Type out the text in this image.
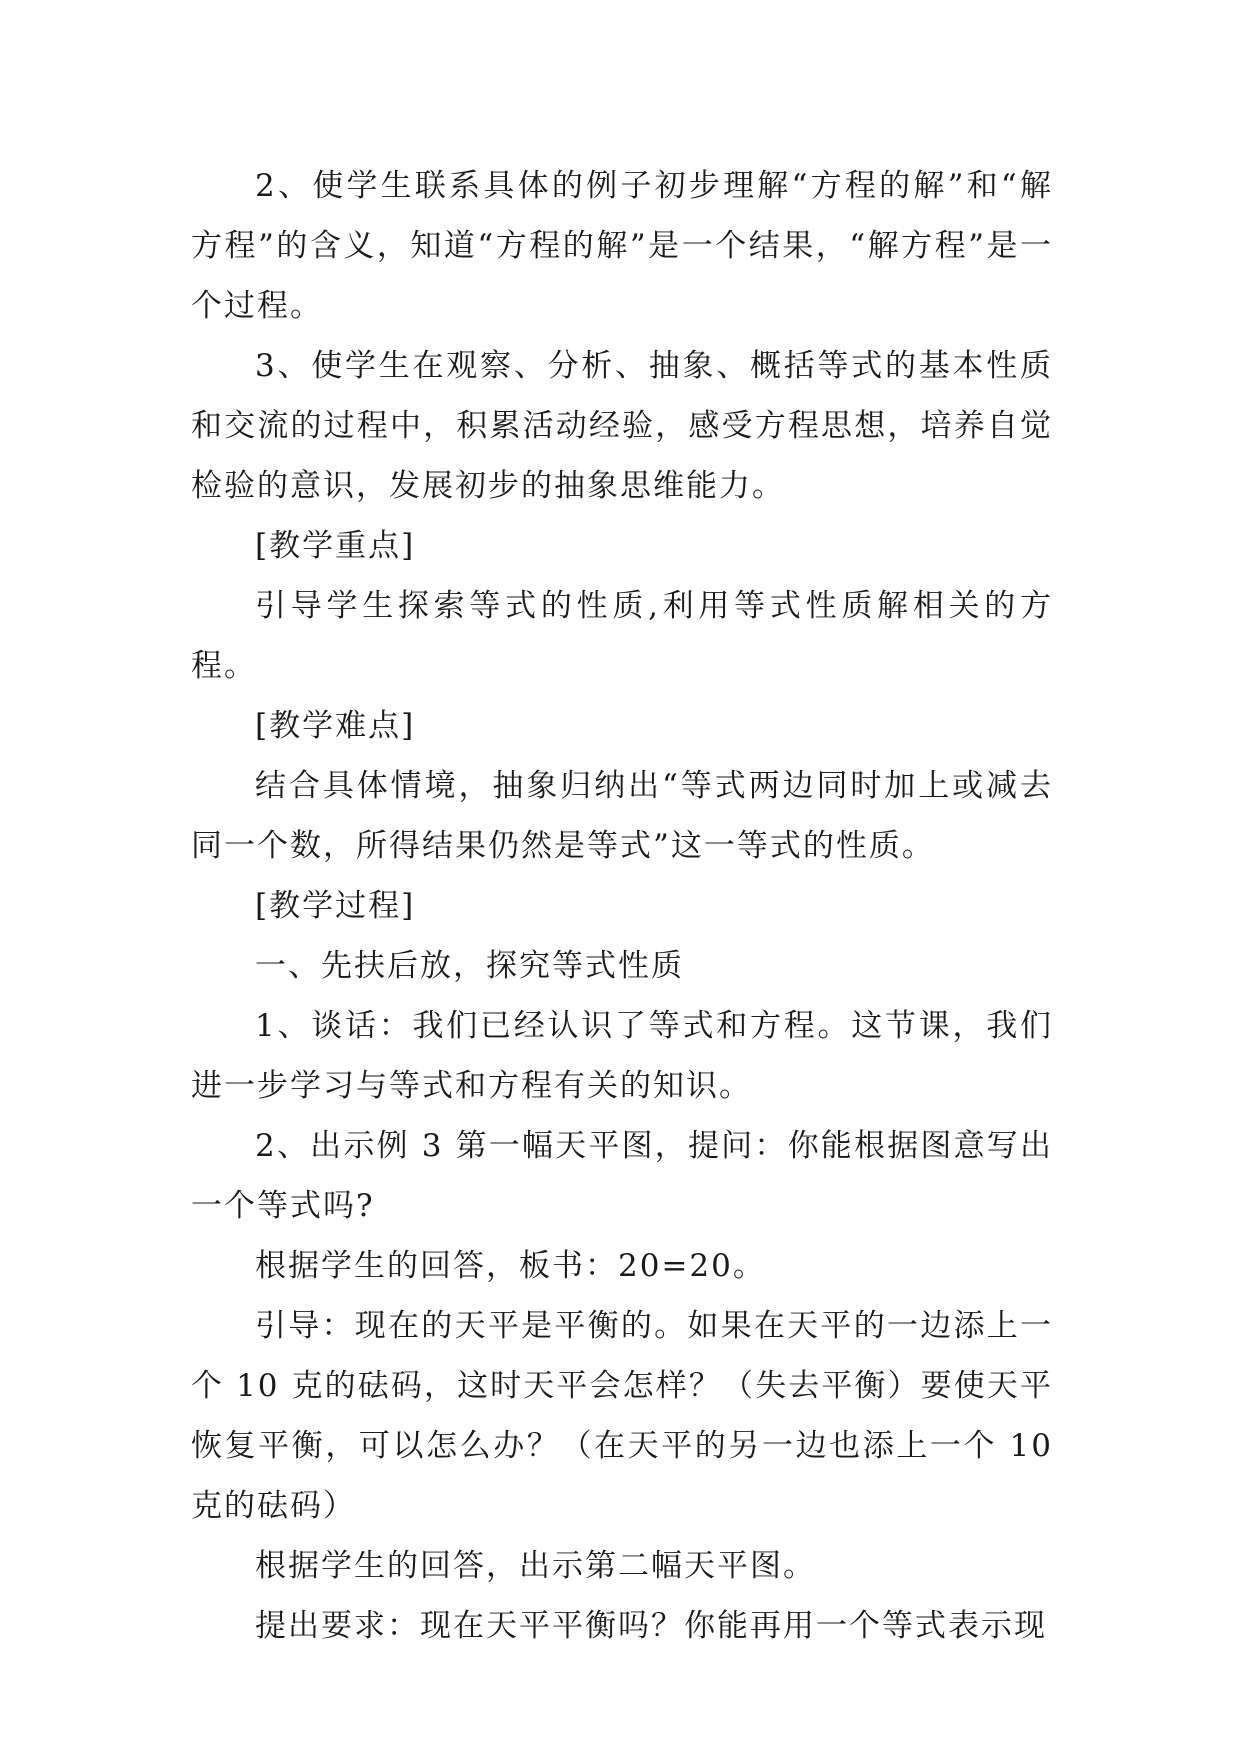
2、使学生联系具体的例子初步理解“方程的解”和“解方程”的含义，知道“方程的解”是一个结果，“解方程”是一个过程。

3、使学生在观察、分析、抽象、概括等式的基本性质和交流的过程中，积累活动经验，感受方程思想，培养自觉检验的意识，发展初步的抽象思维能力。

[教学重点]

引导学生探索等式的性质,利用等式性质解相关的方程。

[教学难点]

结合具体情境，抽象归纳出“等式两边同时加上或减去同一个数，所得结果仍然是等式”这一等式的性质。

[教学过程]

一、先扶后放，探究等式性质

1、谈话：我们已经认识了等式和方程。这节课，我们进一步学习与等式和方程有关的知识。

2、出示例 3 第一幅天平图，提问：你能根据图意写出一个等式吗?

根据学生的回答，板书：20=20。

引导：现在的天平是平衡的。如果在天平的一边添上一个 10 克的砝码，这时天平会怎样？（失去平衡）要使天平恢复平衡，可以怎么办？（在天平的另一边也添上一个 10 克的砝码）

根据学生的回答，出示第二幅天平图。

提出要求：现在天平平衡吗？你能再用一个等式表示现
